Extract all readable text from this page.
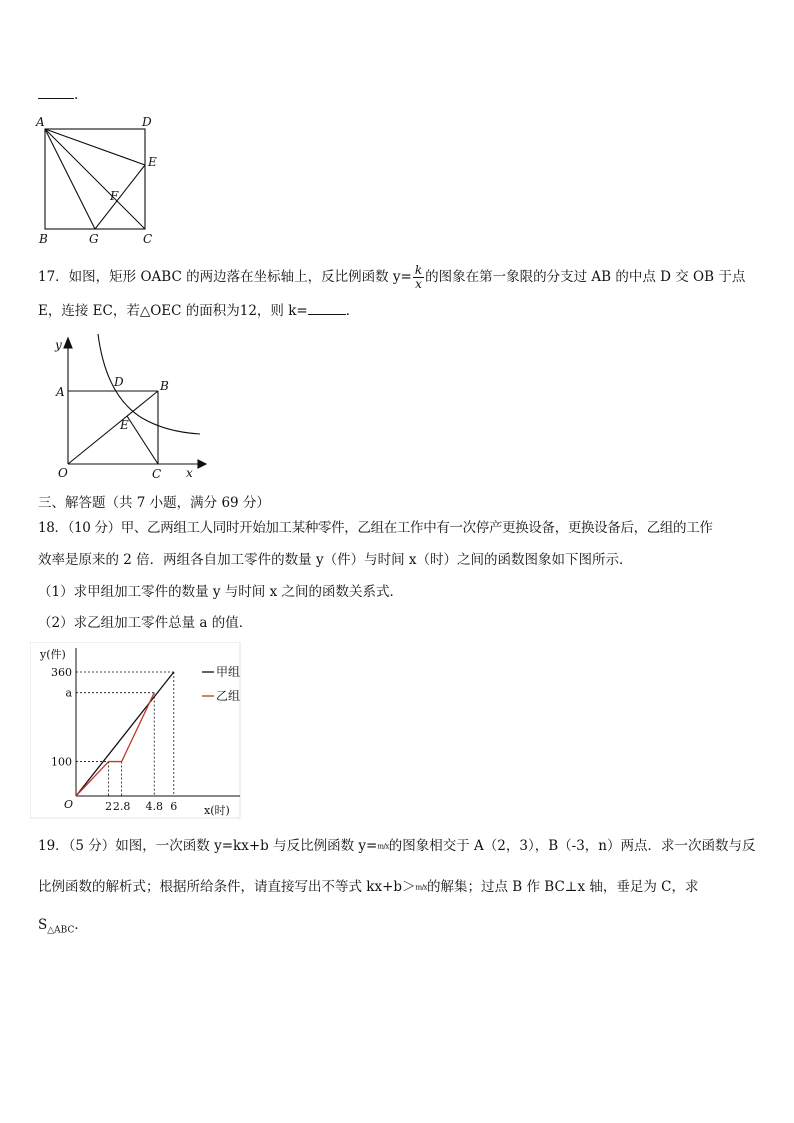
.
A	D
E
F
B	G	C
17．如图，矩形 OABC 的两边落在坐标轴上，反比例函数 $y= \frac{k}{x}$ 的图象在第一象限的分支过 AB 的中点 D 交 OB 于点
E，连接 EC，若△OEC 的面积为12，则 k=	．
y
A
D	B
E
O	C x
三、解答题（共 7 小题，满分 69 分）
18．（10 分）甲、乙两组工人同时开始加工某种零件，乙组在工作中有一次停产更换设备，更换设备后，乙组的工作
效率是原来的 2 倍．两组各自加工零件的数量 y（件）与时间 x（时）之间的函数图象如下图所示．
（1）求甲组加工零件的数量 y 与时间 x 之间的函数关系式．
（2）求乙组加工零件总量 a 的值．
y(件)
x(时)
O
100
a
360
2 2.8 4.8 6
甲组
乙组
19．（5 分）如图，一次函数 y=kx+b 与反比例函数 y=m/x的图象相交于 A（2，3），B（-3，n）两点．求一次函数与反
比例函数的解析式；根据所给条件，请直接写出不等式 kx+b＞m/x的解集；过点 B 作 BC⊥x 轴，垂足为 C，求
$S_{\triangle ABC}$．
